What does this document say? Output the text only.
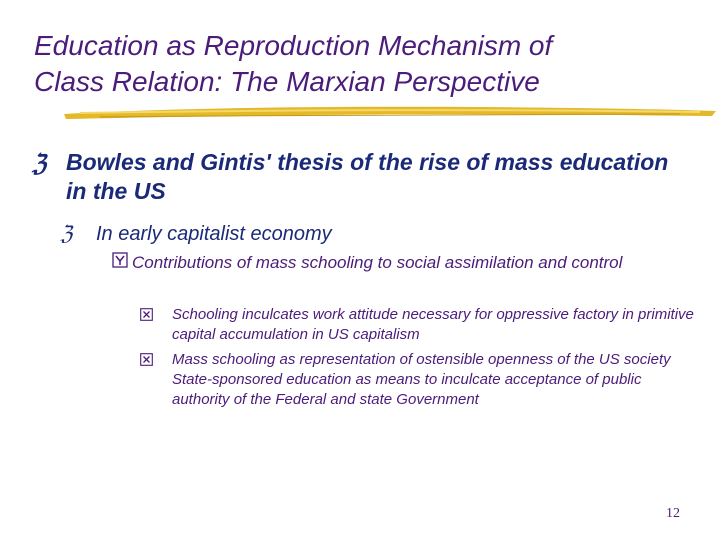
Education as Reproduction Mechanism of
Class Relation: The Marxian Perspective
ℨ Bowles and Gintis' thesis of the rise of mass education in the US
ℨ In early capitalist economy
Contributions of mass schooling to social assimilation and control
Schooling inculcates work attitude necessary for oppressive factory in primitive capital accumulation in US capitalism
Mass schooling as representation of ostensible openness of the US society State-sponsored education as means to inculcate acceptance of public authority of the Federal and state Government
12
